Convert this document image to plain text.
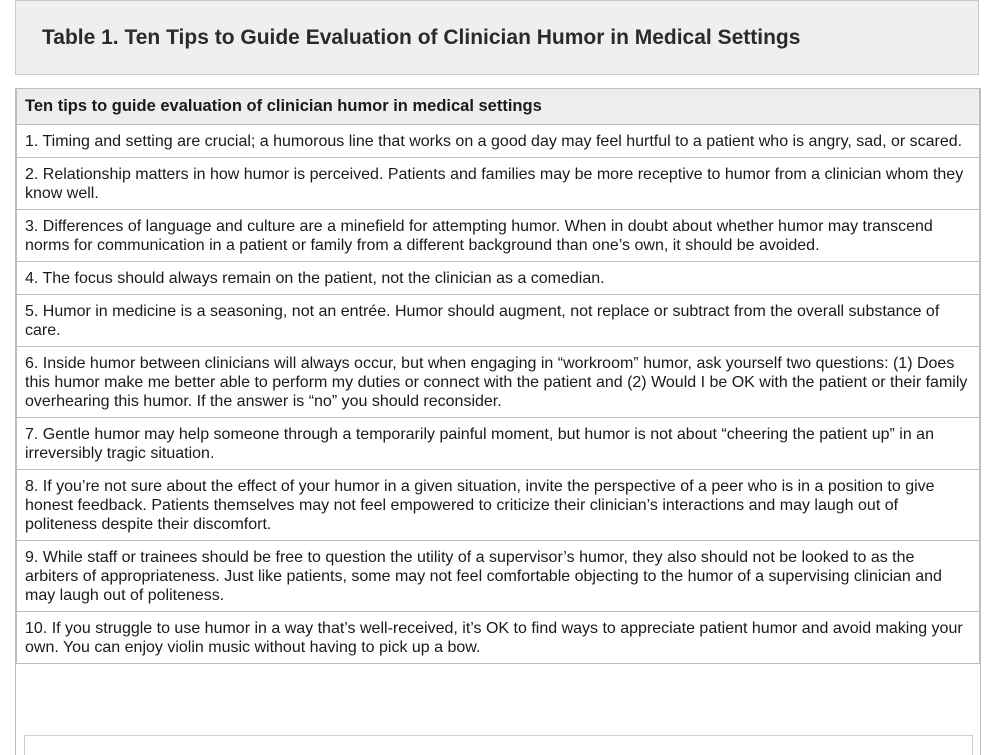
Table 1. Ten Tips to Guide Evaluation of Clinician Humor in Medical Settings
Ten tips to guide evaluation of clinician humor in medical settings
1. Timing and setting are crucial; a humorous line that works on a good day may feel hurtful to a patient who is angry, sad, or scared.
2. Relationship matters in how humor is perceived. Patients and families may be more receptive to humor from a clinician whom they know well.
3. Differences of language and culture are a minefield for attempting humor. When in doubt about whether humor may transcend norms for communication in a patient or family from a different background than one’s own, it should be avoided.
4. The focus should always remain on the patient, not the clinician as a comedian.
5. Humor in medicine is a seasoning, not an entrée. Humor should augment, not replace or subtract from the overall substance of care.
6. Inside humor between clinicians will always occur, but when engaging in “workroom” humor, ask yourself two questions: (1) Does this humor make me better able to perform my duties or connect with the patient and (2) Would I be OK with the patient or their family overhearing this humor. If the answer is “no” you should reconsider.
7. Gentle humor may help someone through a temporarily painful moment, but humor is not about “cheering the patient up” in an irreversibly tragic situation.
8. If you’re not sure about the effect of your humor in a given situation, invite the perspective of a peer who is in a position to give honest feedback. Patients themselves may not feel empowered to criticize their clinician’s interactions and may laugh out of politeness despite their discomfort.
9. While staff or trainees should be free to question the utility of a supervisor’s humor, they also should not be looked to as the arbiters of appropriateness. Just like patients, some may not feel comfortable objecting to the humor of a supervising clinician and may laugh out of politeness.
10. If you struggle to use humor in a way that’s well-received, it’s OK to find ways to appreciate patient humor and avoid making your own. You can enjoy violin music without having to pick up a bow.
